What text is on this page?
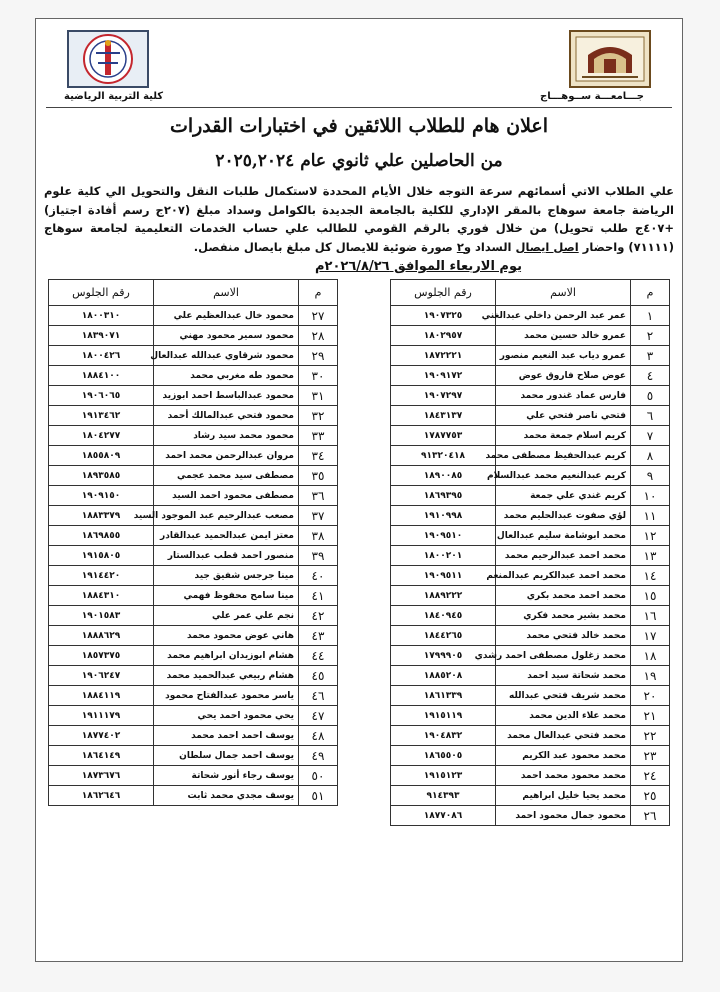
جـــامعـــة ســوهـــاج
كلية التربية الرياضية
اعلان هام للطلاب اللائقين في اختبارات القدرات
من الحاصلين علي ثانوي عام ٢٠٢٥,٢٠٢٤
علي الطلاب الاتي أسمائهم سرعة التوجه خلال الأيام المحددة لاستكمال طلبات النقل والتحويل الي كلية علوم الرياضة جامعة سوهاج بالمقر الإداري للكلية بالجامعة الجديدة بالكوامل وسداد مبلغ (٢٠٧ج رسم أفادة اجتياز) +٤٠٧ج طلب تحويل) من خلال فوري بالرقم القومي للطالب علي حساب الخدمات التعليمية لجامعة سوهاج (٧١١١١) واحضار اصل ايصال السداد و٢ صورة ضوئية للايصال كل مبلغ بايصال منفصل.
يوم الاربعاء الموافق ٢٠٢٦/٨/٢٦م
م	الاسم	رقم الجلوس
١	عمر عبد الرحمن داخلي عبدالغني	١٩٠٧٣٢٥
٢	عمرو خالد حسين محمد	١٨٠٢٩٥٧
٣	عمرو دياب عبد النعيم منصور	١٨٧٢٢٢١
٤	عوض صلاح فاروق عوض	١٩٠٩١٧٢
٥	فارس عماد غندور محمد	١٩٠٧٢٩٧
٦	فتحي ناصر فتحي علي	١٨٤٣١٣٧
٧	كريم اسلام جمعة محمد	١٧٨٧٧٥٣
٨	كريم عبدالحفيظ مصطفى محمد	٩١٣٢٠٤١٨
٩	كريم عبدالنعيم محمد عبدالسلام	١٨٩٠٠٨٥
١٠	كريم غندي علي جمعة	١٨٦٩٣٩٥
١١	لؤي صفوت عبدالحليم محمد	١٩١٠٩٩٨
١٢	محمد ابوشامة سليم عبدالعال	١٩٠٩٥١٠
١٣	محمد احمد عبدالرحيم محمد	١٨٠٠٢٠١
١٤	محمد احمد عبدالكريم عبدالمنعم	١٩٠٩٥١١
١٥	محمد احمد محمد بكري	١٨٨٩٢٢٢
١٦	محمد بشير محمد فكري	١٨٤٠٩٤٥
١٧	محمد خالد فتحي محمد	١٨٤٤٢٦٥
١٨	محمد زغلول مصطفى احمد رشدي	١٧٩٩٩٠٥
١٩	محمد شحاتة سيد احمد	١٨٨٥٢٠٨
٢٠	محمد شريف فتحي عبدالله	١٨٦١٣٣٩
٢١	محمد علاء الدين محمد	١٩١٥١١٩
٢٢	محمد فتحي عبدالعال محمد	١٩٠٤٨٣٢
٢٣	محمد محمود عبد الكريم	١٨٦٥٥٠٥
٢٤	محمد محمود محمد احمد	١٩١٥١٢٣
٢٥	محمد يحيا خليل ابراهيم	٩١٤٣٩٣
٢٦	محمود جمال محمود احمد	١٨٧٧٠٨٦
م	الاسم	رقم الجلوس
٢٧	محمود خال عبدالعظيم علي	١٨٠٠٣١٠
٢٨	محمود سمير محمود مهني	١٨٣٩٠٧١
٢٩	محمود شرقاوي عبدالله عبدالعال	١٨٠٠٤٢٦
٣٠	محمود طه مغربي محمد	١٨٨٤١٠٠
٣١	محمود عبدالباسط احمد ابوزيد	١٩٠٦٠٦٥
٣٢	محمود فتحي عبدالمالك أحمد	١٩١٣٤٦٢
٣٣	محمود محمد سيد رشاد	١٨٠٤٢٧٧
٣٤	مروان عبدالرحمن محمد احمد	١٨٥٥٨٠٩
٣٥	مصطفى سيد محمد عجمي	١٨٩٣٥٨٥
٣٦	مصطفى محمود احمد السيد	١٩٠٩١٥٠
٣٧	مصعب عبدالرحيم عبد الموجود السيد	١٨٨٣٣٧٩
٣٨	معتز ايمن عبدالحميد عبدالقادر	١٨٦٩٨٥٥
٣٩	منصور احمد قطب عبدالستار	١٩١٥٨٠٥
٤٠	مينا جرجس شفيق جيد	١٩١٤٤٢٠
٤١	مينا سامح محفوظ فهمي	١٨٨٤٣١٠
٤٢	نجم علي عمر علي	١٩٠١٥٨٣
٤٣	هاني عوض محمود محمد	١٨٨٨٦٢٩
٤٤	هشام ابوزيدان ابراهيم محمد	١٨٥٧٣٧٥
٤٥	هشام ربيعي عبدالحميد محمد	١٩٠٦٢٤٧
٤٦	ياسر محمود عبدالفتاح محمود	١٨٨٤١١٩
٤٧	يحي محمود احمد يحي	١٩١١١٧٩
٤٨	يوسف احمد احمد محمد	١٨٧٧٤٠٢
٤٩	يوسف احمد جمال سلطان	١٨٦٤١٤٩
٥٠	يوسف رجاء أنور شحاتة	١٨٧٣٦٧٦
٥١	يوسف مجدي محمد ثابت	١٨٦٢٦٤٦
